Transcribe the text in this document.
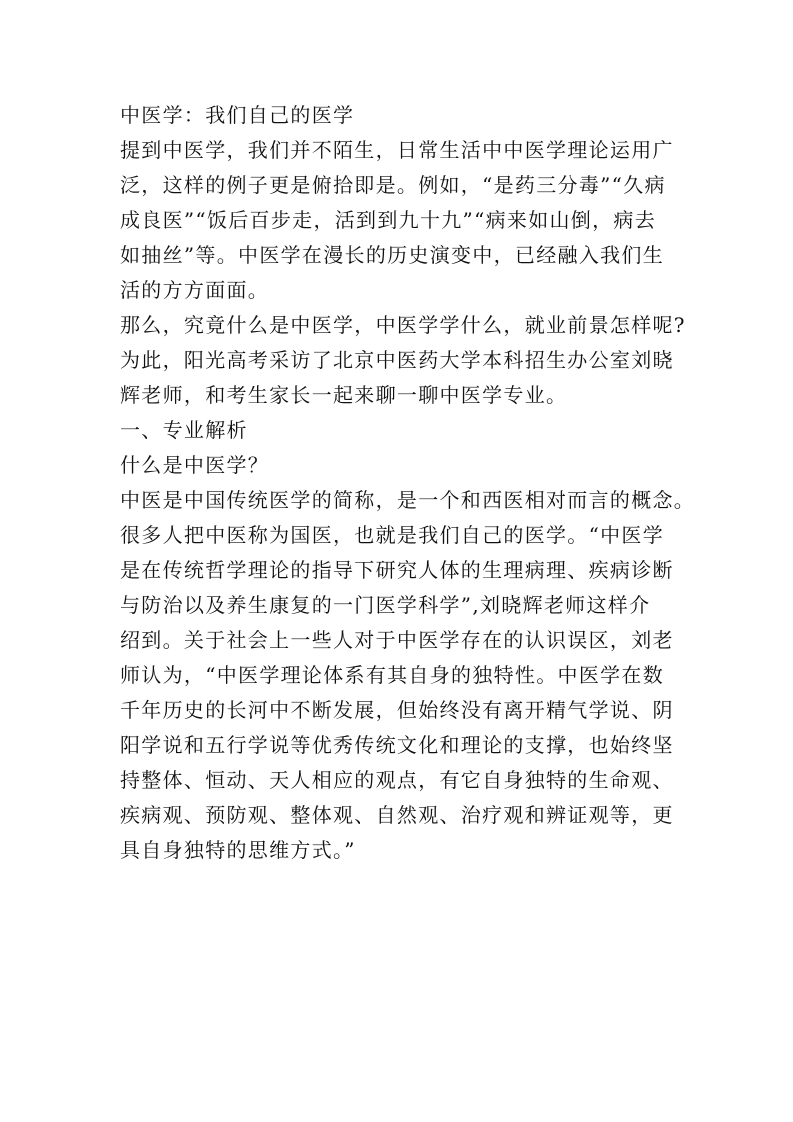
中医学：我们自己的医学
提到中医学，我们并不陌生，日常生活中中医学理论运用广
泛，这样的例子更是俯拾即是。例如，“是药三分毒”“久病
成良医”“饭后百步走，活到到九十九”“病来如山倒，病去
如抽丝”等。中医学在漫长的历史演变中，已经融入我们生
活的方方面面。
那么，究竟什么是中医学，中医学学什么，就业前景怎样呢?
为此，阳光高考采访了北京中医药大学本科招生办公室刘晓
辉老师，和考生家长一起来聊一聊中医学专业。
一、专业解析
什么是中医学？
中医是中国传统医学的简称，是一个和西医相对而言的概念。
很多人把中医称为国医，也就是我们自己的医学。“中医学
是在传统哲学理论的指导下研究人体的生理病理、疾病诊断
与防治以及养生康复的一门医学科学”,刘晓辉老师这样介
绍到。关于社会上一些人对于中医学存在的认识误区，刘老
师认为，“中医学理论体系有其自身的独特性。中医学在数
千年历史的长河中不断发展，但始终没有离开精气学说、阴
阳学说和五行学说等优秀传统文化和理论的支撑，也始终坚
持整体、恒动、天人相应的观点，有它自身独特的生命观、
疾病观、预防观、整体观、自然观、治疗观和辨证观等，更
具自身独特的思维方式。”
